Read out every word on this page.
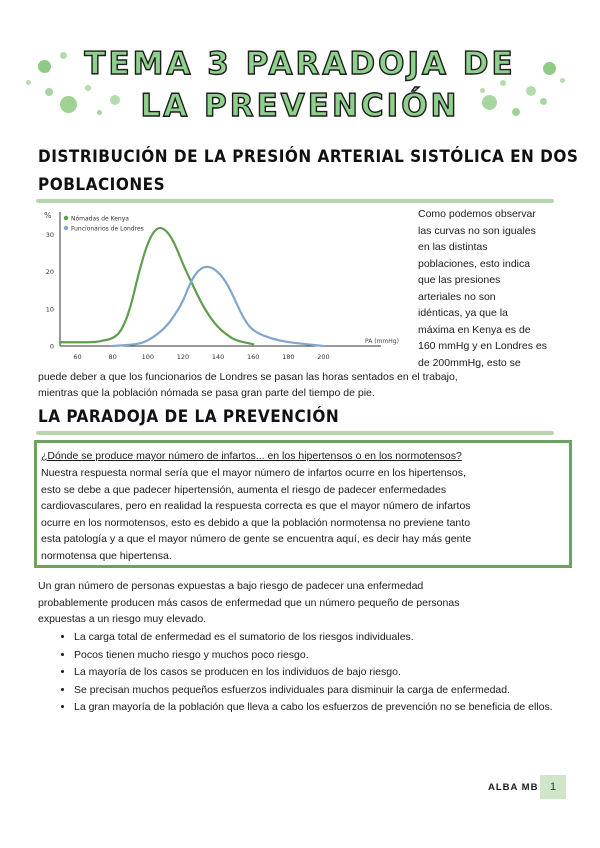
TEMA 3 PARADOJA DE
LA PREVENCIÓN
DISTRIBUCIÓN DE LA PRESIÓN ARTERIAL SISTÓLICA EN DOS
POBLACIONES
%
PA (mmHg)
60	80	100	120	140	160	180	200
0
10
20
30
Nómadas de Kenya
Funcionarios de Londres
Como podemos observar
las curvas no son iguales
en las distintas
poblaciones, esto indica
que las presiones
arteriales no son
idénticas, ya que la
máxima en Kenya es de
160 mmHg y en Londres es
de 200mmHg, esto se
puede deber a que los funcionarios de Londres se pasan las horas sentados en el trabajo,
mientras que la población nómada se pasa gran parte del tiempo de pie.
LA PARADOJA DE LA PREVENCIÓN
¿Dónde se produce mayor número de infartos... en los hipertensos o en los normotensos?
Nuestra respuesta normal sería que el mayor número de infartos ocurre en los hipertensos,
esto se debe a que padecer hipertensión, aumenta el riesgo de padecer enfermedades
cardiovasculares, pero en realidad la respuesta correcta es que el mayor número de infartos
ocurre en los normotensos, esto es debido a que la población normotensa no previene tanto
esta patología y a que el mayor número de gente se encuentra aquí, es decir hay más gente
normotensa que hipertensa.
Un gran número de personas expuestas a bajo riesgo de padecer una enfermedad
probablemente producen más casos de enfermedad que un número pequeño de personas
expuestas a un riesgo muy elevado.
• La carga total de enfermedad es el sumatorio de los riesgos individuales.
• Pocos tienen mucho riesgo y muchos poco riesgo.
• La mayoría de los casos se producen en los individuos de bajo riesgo.
• Se precisan muchos pequeños esfuerzos individuales para disminuir la carga de enfermedad.
• La gran mayoría de la población que lleva a cabo los esfuerzos de prevención no se beneficia de ellos.
ALBA MB	1
